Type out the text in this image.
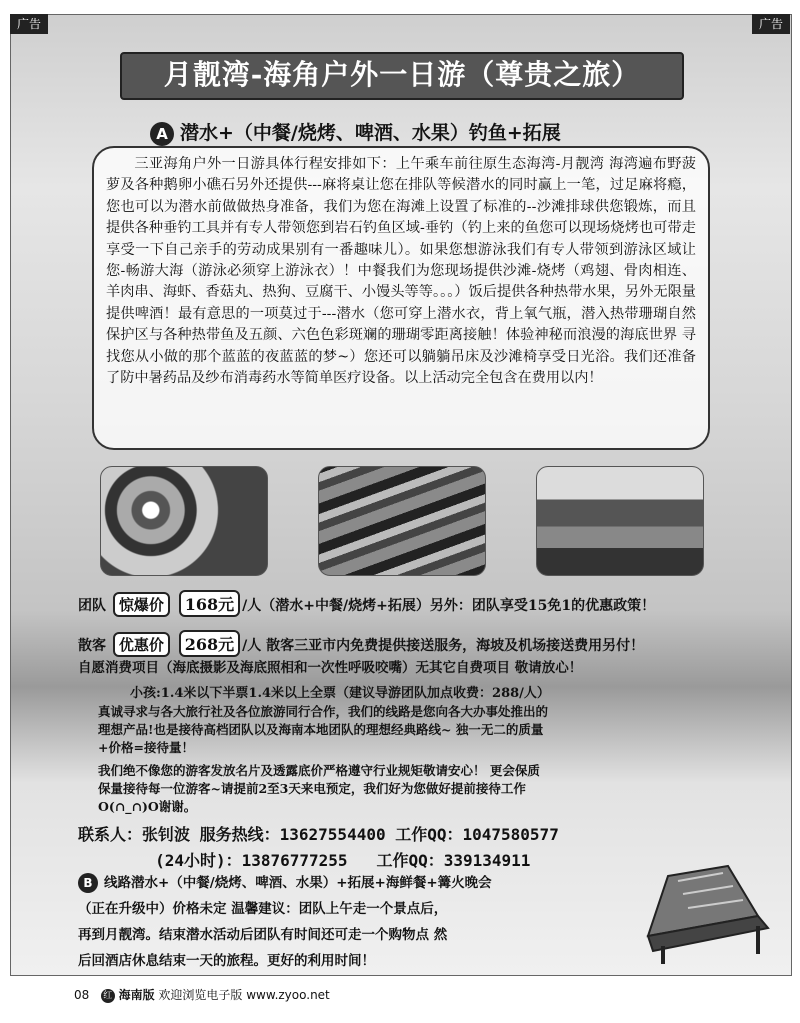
广告	广告
月靓湾-海角户外一日游（尊贵之旅）
A 潜水+（中餐/烧烤、啤酒、水果）钓鱼+拓展
三亚海角户外一日游具体行程安排如下：上午乘车前往原生态海湾-月靓湾 海湾遍布野菠萝及各种鹅卵小礁石另外还提供---麻将桌让您在排队等候潜水的同时赢上一笔，过足麻将瘾，您也可以为潜水前做做热身准备，我们为您在海滩上设置了标准的--沙滩排球供您锻炼，而且提供各种垂钓工具并有专人带领您到岩石钓鱼区域-垂钓（钓上来的鱼您可以现场烧烤也可带走享受一下自己亲手的劳动成果别有一番趣味儿）。如果您想游泳我们有专人带领到游泳区域让您-畅游大海（游泳必须穿上游泳衣）！中餐我们为您现场提供沙滩-烧烤（鸡翅、骨肉相连、羊肉串、海虾、香菇丸、热狗、豆腐干、小馒头等等。。。）饭后提供各种热带水果，另外无限量提供啤酒！最有意思的一项莫过于---潜水（您可穿上潜水衣，背上氧气瓶，潜入热带珊瑚自然保护区与各种热带鱼及五颜、六色色彩斑斓的珊瑚零距离接触！体验神秘而浪漫的海底世界 寻找您从小做的那个蓝蓝的夜蓝蓝的梦~）您还可以躺躺吊床及沙滩椅享受日光浴。我们还准备了防中暑药品及纱布消毒药水等简单医疗设备。以上活动完全包含在费用以内！
团队 惊爆价 168元 /人（潜水+中餐/烧烤+拓展）另外：团队享受15免1的优惠政策！
散客 优惠价 268元 /人 散客三亚市内免费提供接送服务，海坡及机场接送费用另付！
自愿消费项目（海底摄影及海底照相和一次性呼吸咬嘴）无其它自费项目 敬请放心！
小孩:1.4米以下半票1.4米以上全票（建议导游团队加点收费：288/人）
真诚寻求与各大旅行社及各位旅游同行合作，我们的线路是您向各大办事处推出的
理想产品!也是接待高档团队以及海南本地团队的理想经典路线~ 独一无二的质量
+价格=接待量！
我们绝不像您的游客发放名片及透露底价严格遵守行业规矩敬请安心！ 更会保质
保量接待每一位游客~请提前2至3天来电预定，我们好为您做好提前接待工作
O(∩_∩)O谢谢。
联系人：张钊波 服务热线：13627554400 工作QQ：1047580577
(24小时)：13876777255   工作QQ：339134911
B 线路潜水+（中餐/烧烤、啤酒、水果）+拓展+海鲜餐+篝火晚会
（正在升级中）价格未定 温馨建议：团队上午走一个景点后，
再到月靓湾。结束潜水活动后团队有时间还可走一个购物点 然
后回酒店休息结束一天的旅程。更好的利用时间！
08 红 海南版 欢迎浏览电子版 www.zyoo.net
